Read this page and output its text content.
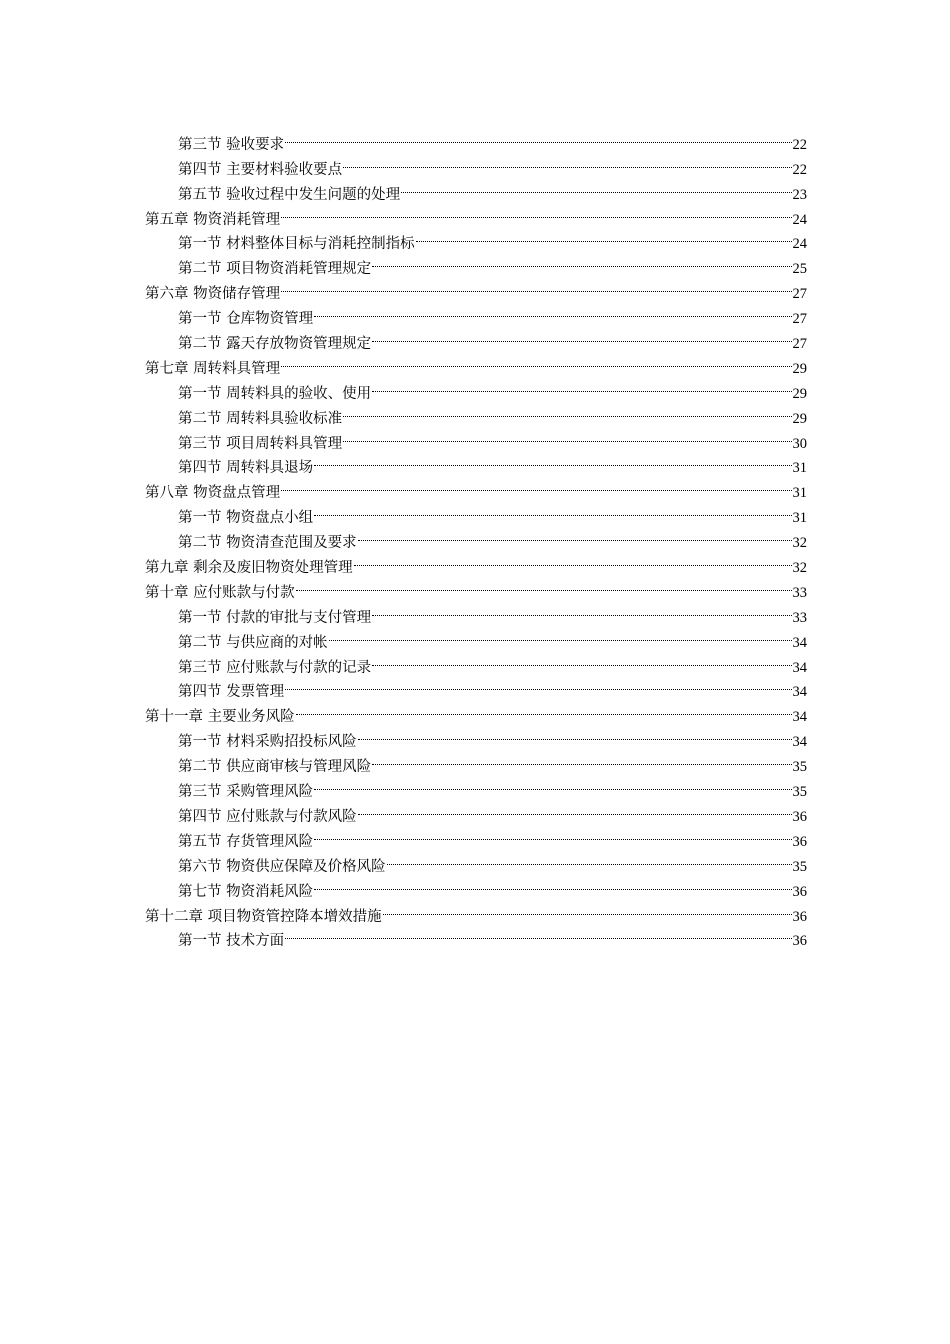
第三节 验收要求	22
第四节 主要材料验收要点	22
第五节 验收过程中发生问题的处理	23
第五章 物资消耗管理	24
第一节 材料整体目标与消耗控制指标	24
第二节 项目物资消耗管理规定	25
第六章 物资储存管理	27
第一节 仓库物资管理	27
第二节 露天存放物资管理规定	27
第七章 周转料具管理	29
第一节 周转料具的验收、使用	29
第二节 周转料具验收标准	29
第三节 项目周转料具管理	30
第四节 周转料具退场	31
第八章 物资盘点管理	31
第一节 物资盘点小组	31
第二节 物资清查范围及要求	32
第九章 剩余及废旧物资处理管理	32
第十章 应付账款与付款	33
第一节 付款的审批与支付管理	33
第二节 与供应商的对帐	34
第三节 应付账款与付款的记录	34
第四节 发票管理	34
第十一章 主要业务风险	34
第一节 材料采购招投标风险	34
第二节 供应商审核与管理风险	35
第三节 采购管理风险	35
第四节 应付账款与付款风险	36
第五节 存货管理风险	36
第六节 物资供应保障及价格风险	35
第七节 物资消耗风险	36
第十二章 项目物资管控降本增效措施	36
第一节 技术方面	36
